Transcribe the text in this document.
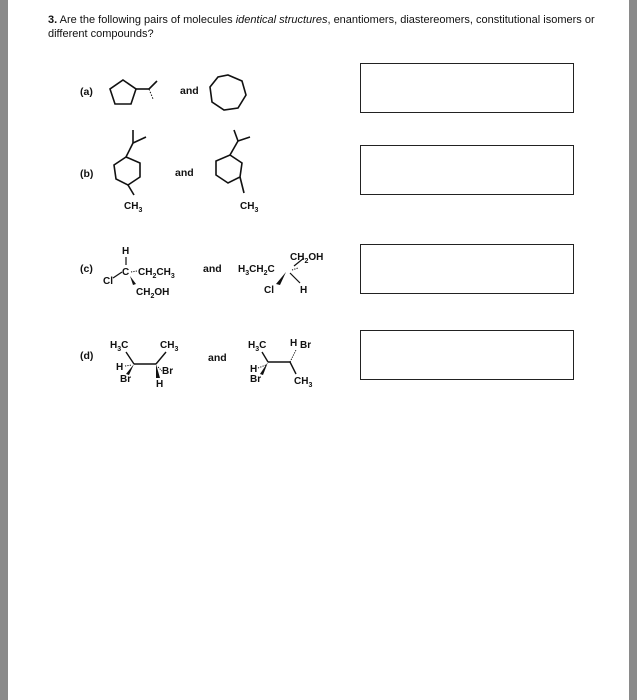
3. Are the following pairs of molecules identical structures, enantiomers, diastereomers, constitutional isomers or different compounds?
(a)	and
(b)
$CH_3$
and
$CH_3$
(c)
H
C
Cl
$CH_2CH_3$
$CH_2OH$
and $H_3CH_2C$
$CH_2OH$
Cl	H
(d)
$H_3C$	$CH_3$
H
Br
Br
H
and
$H_3C$ H Br
H
Br	$CH_3$
